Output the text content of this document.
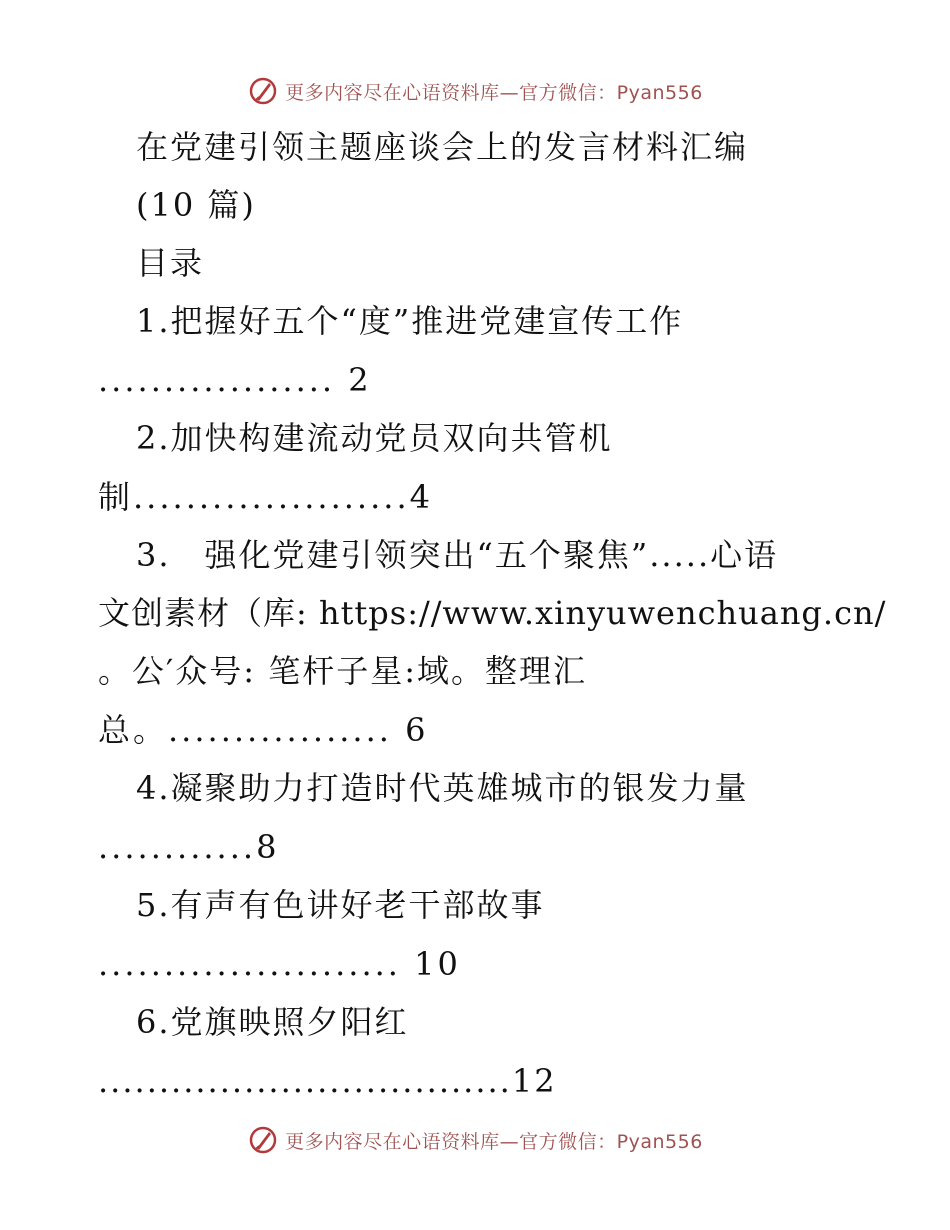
更多内容尽在心语资料库—官方微信：Pyan556
在党建引领主题座谈会上的发言材料汇编
(10 篇)
目录
1.把握好五个“度”推进党建宣传工作
.................. 2
2.加快构建流动党员双向共管机
制.....................4
3.　强化党建引领突出“五个聚焦”.....心语
文创素材（库: https://www.xinyuwenchuang.cn/
。公′众号: 笔杆子星:域。整理汇
总。................. 6
4.凝聚助力打造时代英雄城市的银发力量
............8
5.有声有色讲好老干部故事
....................... 10
6.党旗映照夕阳红
..................................12
更多内容尽在心语资料库—官方微信：Pyan556
